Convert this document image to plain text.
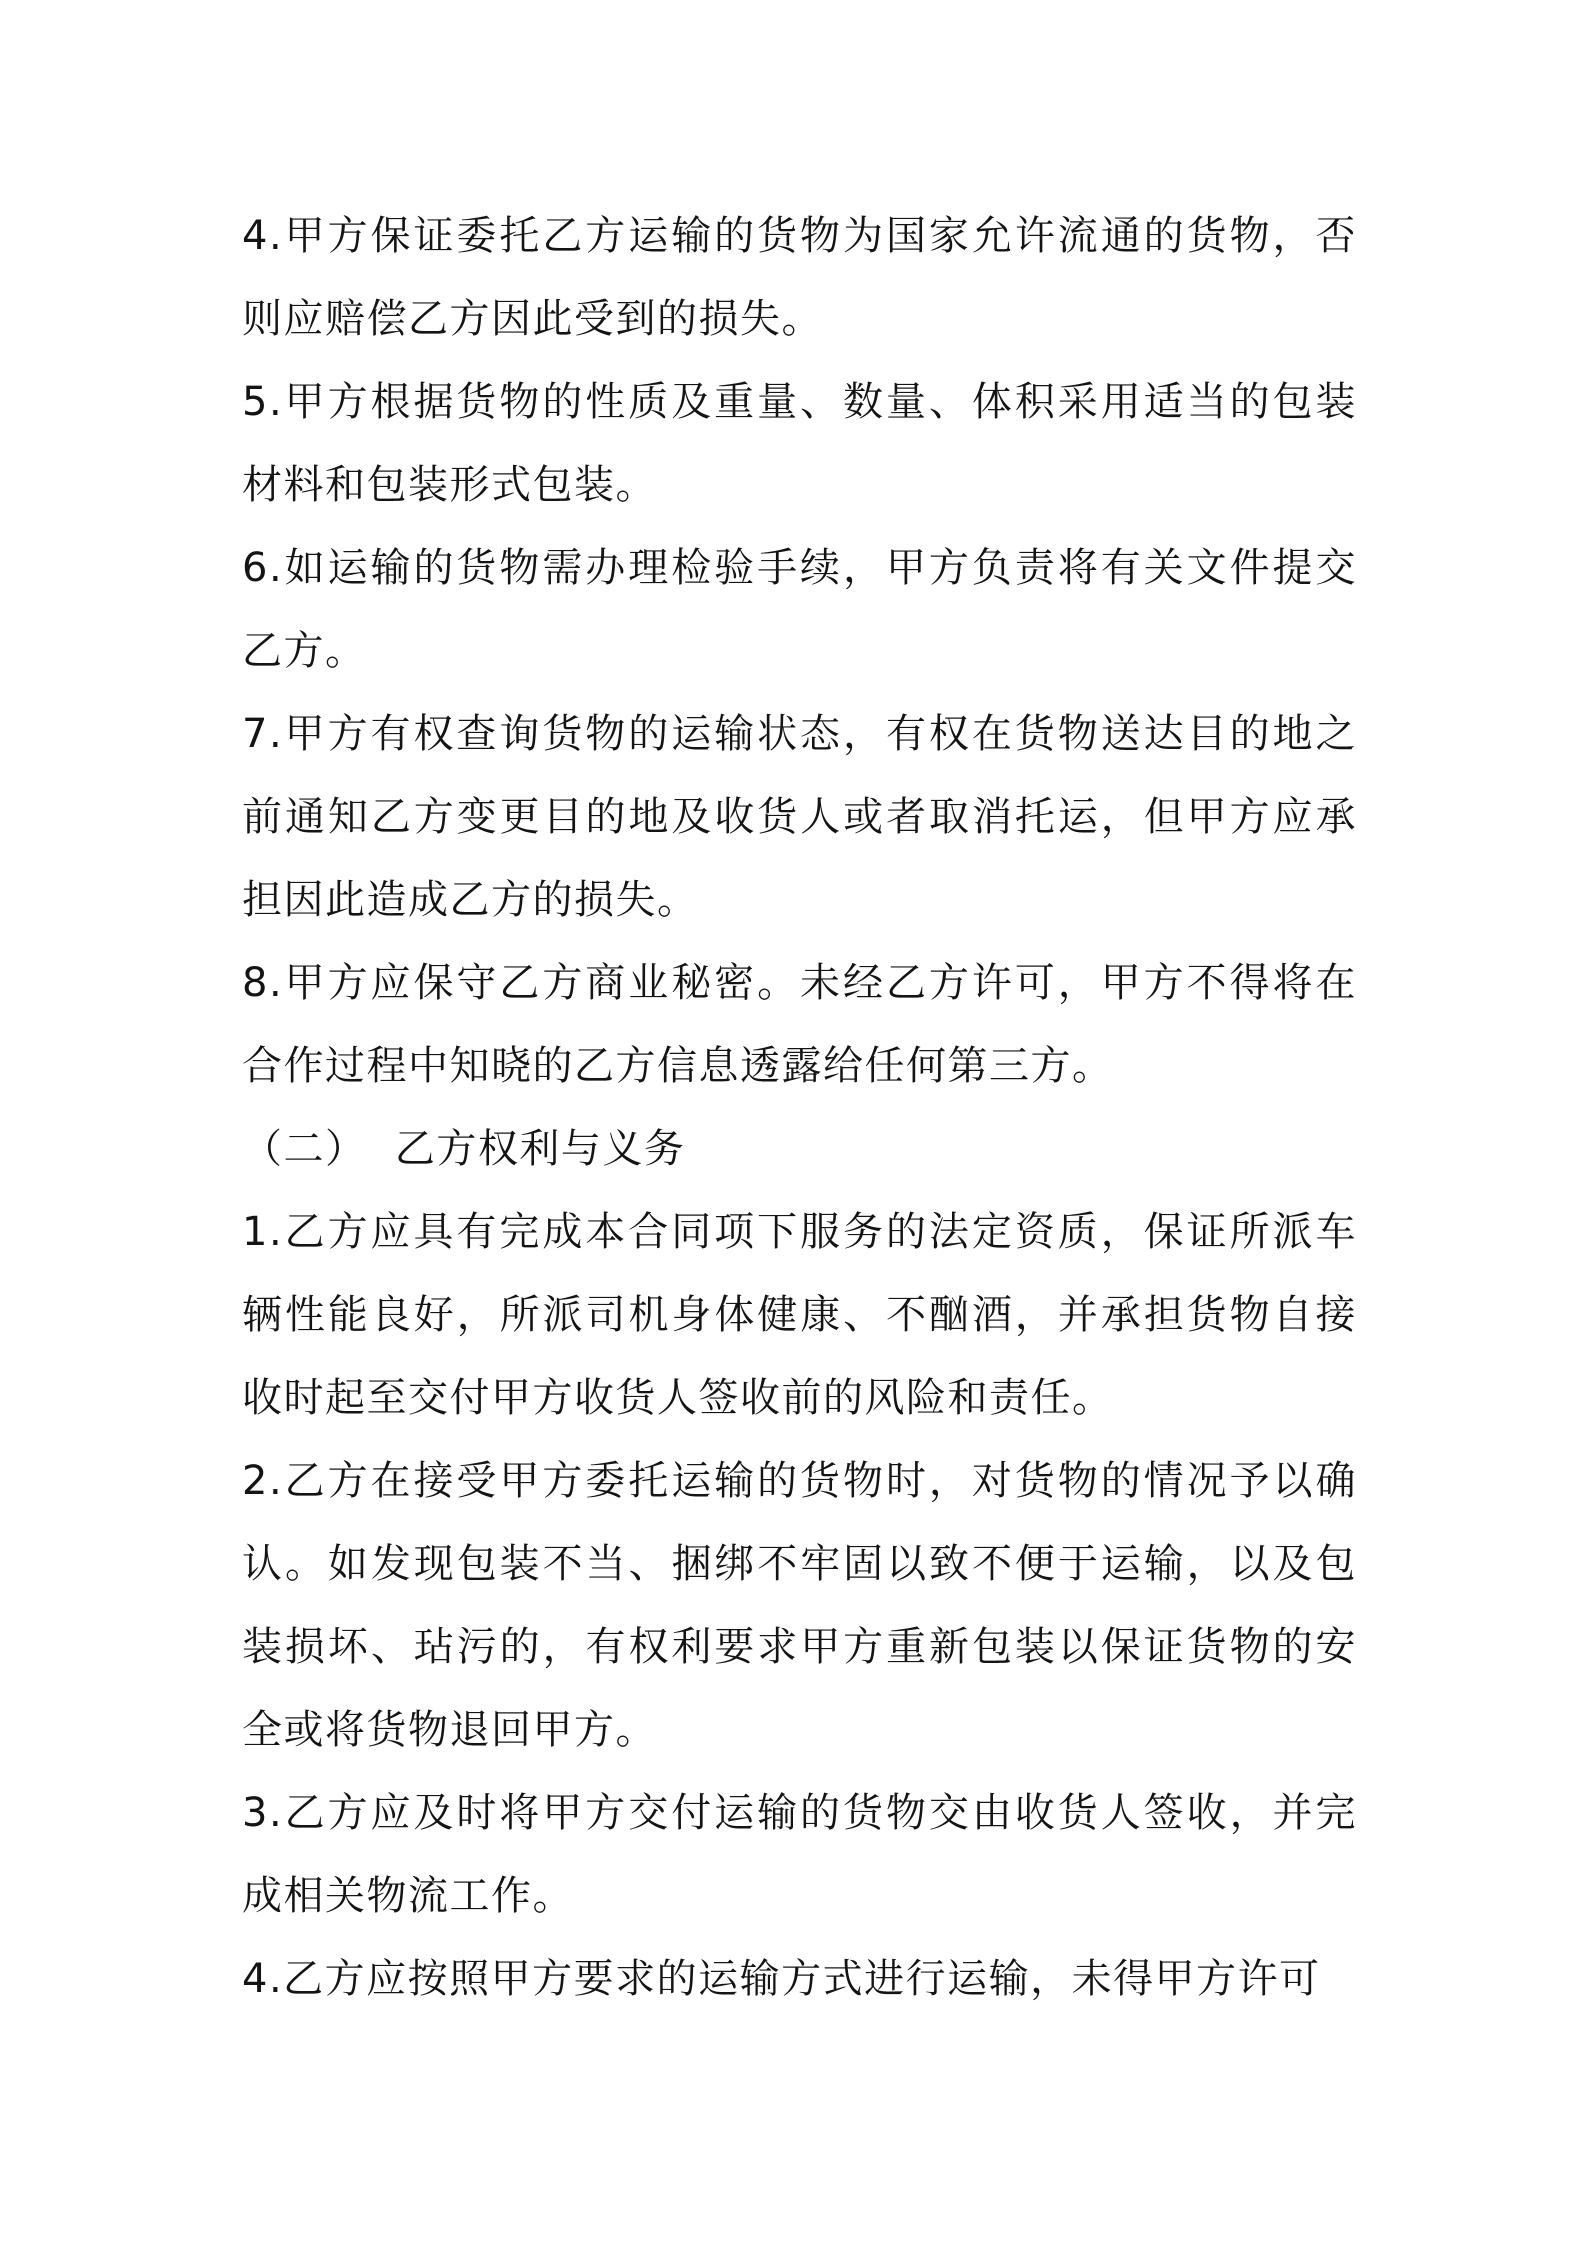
4.甲方保证委托乙方运输的货物为国家允许流通的货物，否则应赔偿乙方因此受到的损失。

5.甲方根据货物的性质及重量、数量、体积采用适当的包装材料和包装形式包装。

6.如运输的货物需办理检验手续，甲方负责将有关文件提交乙方。

7.甲方有权查询货物的运输状态，有权在货物送达目的地之前通知乙方变更目的地及收货人或者取消托运，但甲方应承担因此造成乙方的损失。

8.甲方应保守乙方商业秘密。未经乙方许可，甲方不得将在合作过程中知晓的乙方信息透露给任何第三方。

（二）  乙方权利与义务

1.乙方应具有完成本合同项下服务的法定资质，保证所派车辆性能良好，所派司机身体健康、不酗酒，并承担货物自接收时起至交付甲方收货人签收前的风险和责任。

2.乙方在接受甲方委托运输的货物时，对货物的情况予以确认。如发现包装不当、捆绑不牢固以致不便于运输，以及包装损坏、玷污的，有权利要求甲方重新包装以保证货物的安全或将货物退回甲方。

3.乙方应及时将甲方交付运输的货物交由收货人签收，并完成相关物流工作。

4.乙方应按照甲方要求的运输方式进行运输，未得甲方许可
